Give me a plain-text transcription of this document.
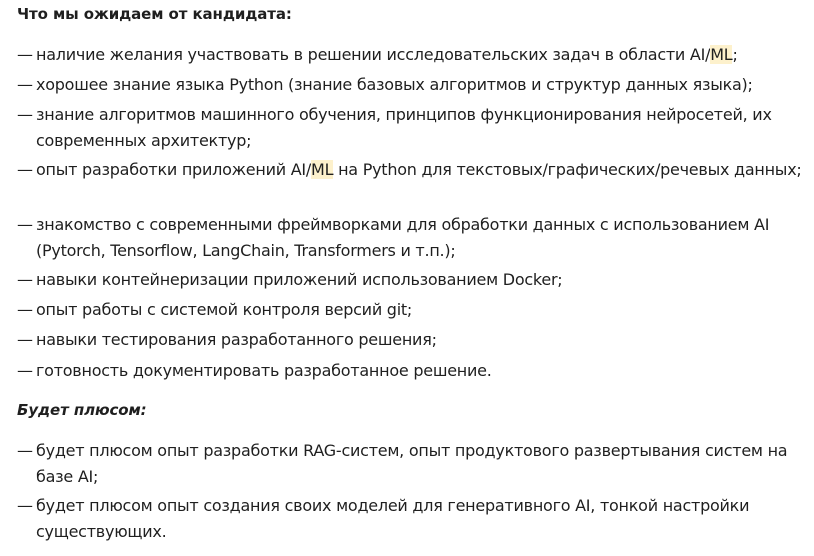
Что мы ожидаем от кандидата:
— наличие желания участвовать в решении исследовательских задач в области AI/ML;
— хорошее знание языка Python (знание базовых алгоритмов и структур данных языка);
— знание алгоритмов машинного обучения, принципов функционирования нейросетей, их современных архитектур;
— опыт разработки приложений AI/ML на Python для текстовых/графических/речевых данных;
— знакомство с современными фреймворками для обработки данных с использованием AI (Pytorch, Tensorflow, LangChain, Transformers и т.п.);
— навыки контейнеризации приложений использованием Docker;
— опыт работы с системой контроля версий git;
— навыки тестирования разработанного решения;
— готовность документировать разработанное решение.
Будет плюсом:
— будет плюсом опыт разработки RAG-систем, опыт продуктового развертывания систем на базе AI;
— будет плюсом опыт создания своих моделей для генеративного AI, тонкой настройки существующих.
